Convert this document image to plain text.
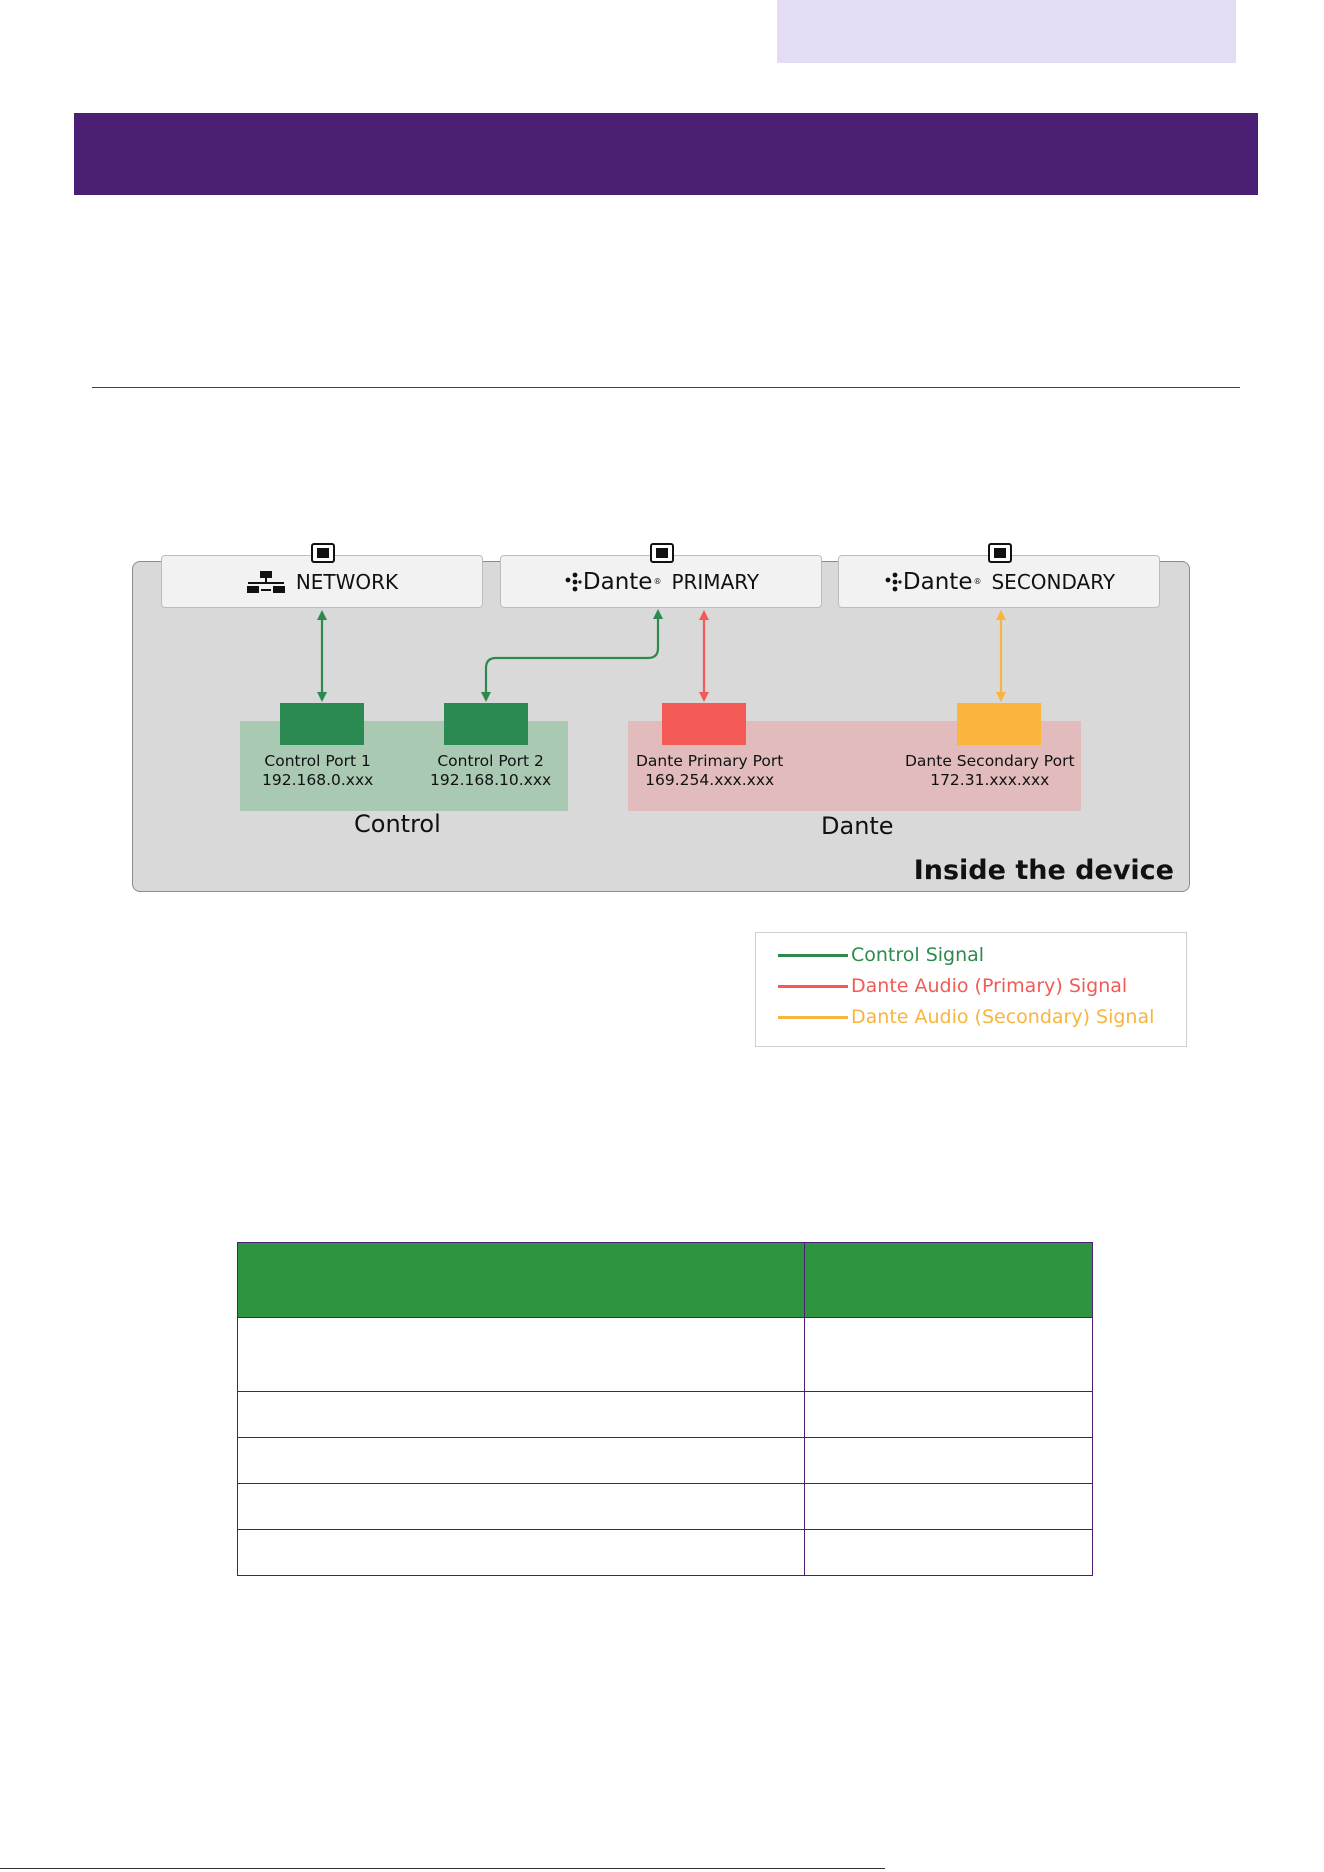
NETWORK	Dante ® PRIMARY	Dante ® SECONDARY
Control Port 1
192.168.0.xxx
Control Port 2
192.168.10.xxx
Dante Primary Port
169.254.xxx.xxx
Dante Secondary Port
172.31.xxx.xxx
Control	Dante
Inside the device
Control Signal
Dante Audio (Primary) Signal
Dante Audio (Secondary) Signal
